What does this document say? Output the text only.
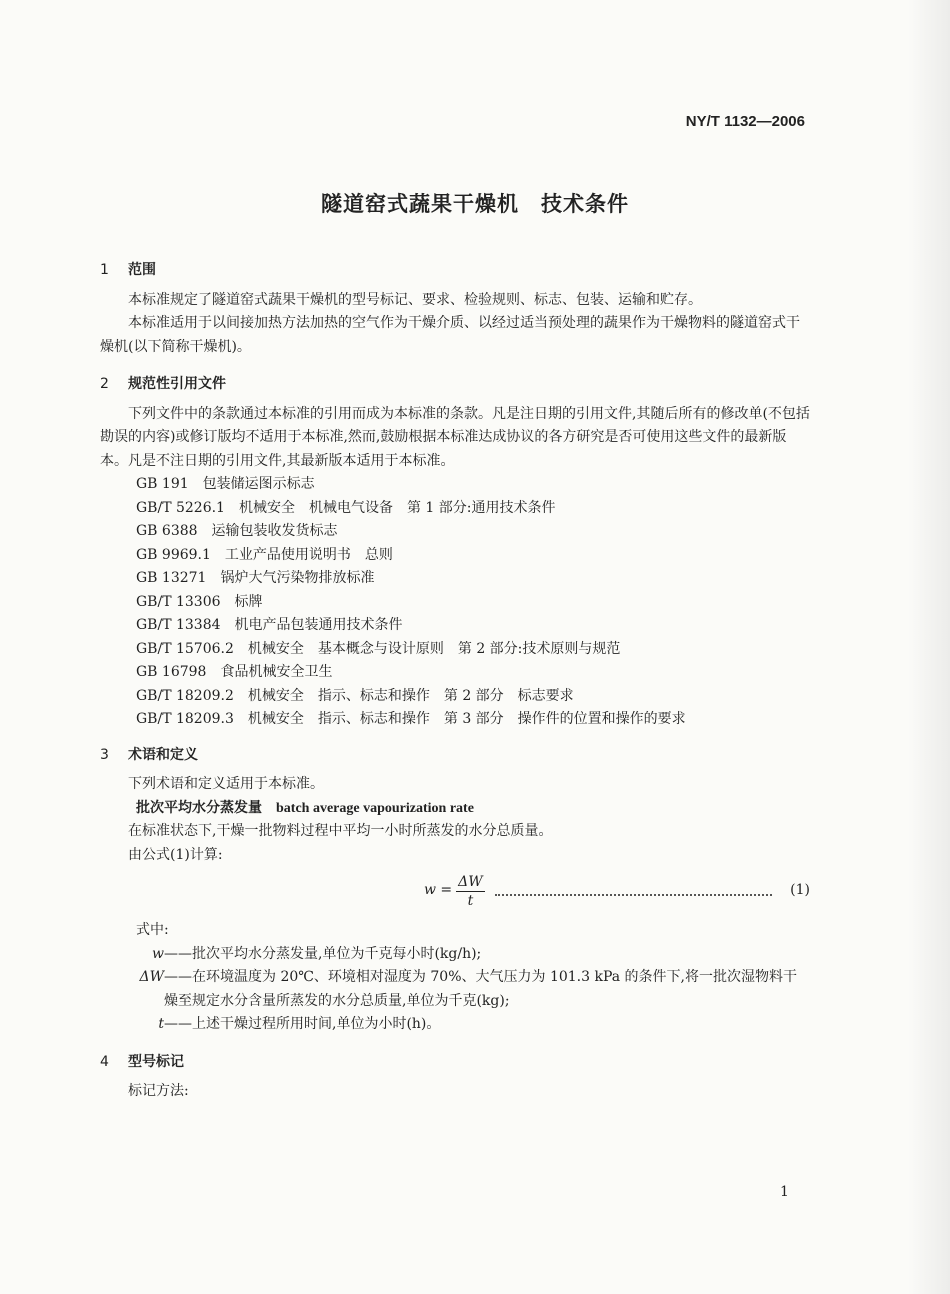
NY/T 1132—2006
隧道窑式蔬果干燥机　技术条件
1 范围

本标准规定了隧道窑式蔬果干燥机的型号标记、要求、检验规则、标志、包装、运输和贮存。

本标准适用于以间接加热方法加热的空气作为干燥介质、以经过适当预处理的蔬果作为干燥物料的隧道窑式干燥机(以下简称干燥机)。

2 规范性引用文件

下列文件中的条款通过本标准的引用而成为本标准的条款。凡是注日期的引用文件,其随后所有的修改单(不包括勘误的内容)或修订版均不适用于本标准,然而,鼓励根据本标准达成协议的各方研究是否可使用这些文件的最新版本。凡是不注日期的引用文件,其最新版本适用于本标准。

GB 191　包装储运图示标志

GB/T 5226.1　机械安全　机械电气设备　第 1 部分:通用技术条件

GB 6388　运输包装收发货标志

GB 9969.1　工业产品使用说明书　总则

GB 13271　锅炉大气污染物排放标准

GB/T 13306　标牌

GB/T 13384　机电产品包装通用技术条件

GB/T 15706.2　机械安全　基本概念与设计原则　第 2 部分:技术原则与规范

GB 16798　食品机械安全卫生

GB/T 18209.2　机械安全　指示、标志和操作　第 2 部分　标志要求

GB/T 18209.3　机械安全　指示、标志和操作　第 3 部分　操作件的位置和操作的要求

3 术语和定义

下列术语和定义适用于本标准。

批次平均水分蒸发量 batch average vapourization rate

在标准状态下,干燥一批物料过程中平均一小时所蒸发的水分总质量。

由公式(1)计算:

$w = \frac{\Delta W}{t}$	(1)

式中:

w ——批次平均水分蒸发量,单位为千克每小时(kg/h);
ΔW ——在环境温度为 20℃、环境相对湿度为 70%、大气压力为 101.3 kPa 的条件下,将一批次湿物料干燥至规定水分含量所蒸发的水分总质量,单位为千克(kg);
t ——上述干燥过程所用时间,单位为小时(h)。
4 型号标记

标记方法:

1
